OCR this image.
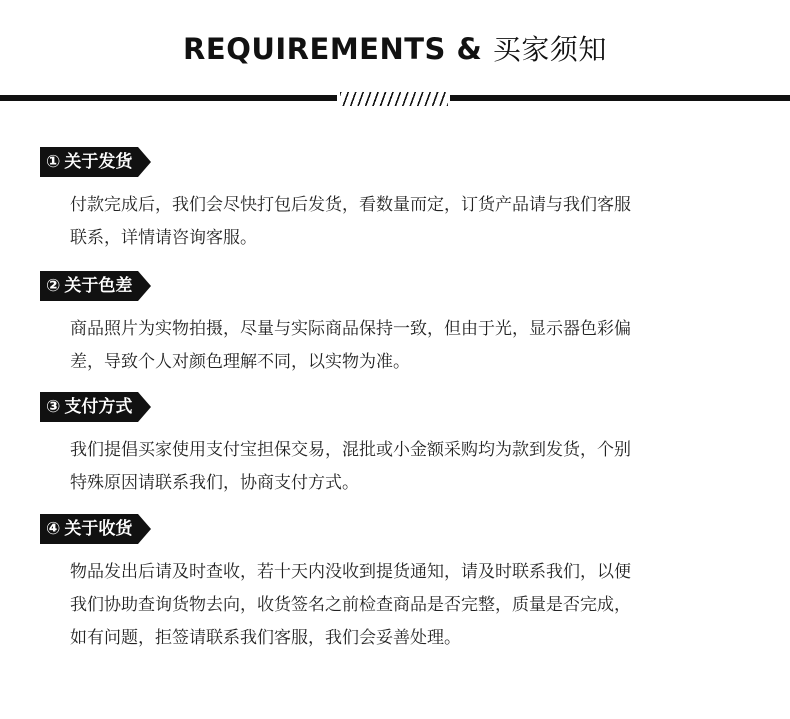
REQUIREMENTS & 买家须知
① 关于发货
付款完成后，我们会尽快打包后发货，看数量而定，订货产品请与我们客服
联系，详情请咨询客服。
② 关于色差
商品照片为实物拍摄，尽量与实际商品保持一致，但由于光，显示器色彩偏
差，导致个人对颜色理解不同，以实物为准。
③ 支付方式
我们提倡买家使用支付宝担保交易，混批或小金额采购均为款到发货，个别
特殊原因请联系我们，协商支付方式。
④ 关于收货
物品发出后请及时查收，若十天内没收到提货通知，请及时联系我们，以便
我们协助查询货物去向，收货签名之前检查商品是否完整，质量是否完成，
如有问题，拒签请联系我们客服，我们会妥善处理。
